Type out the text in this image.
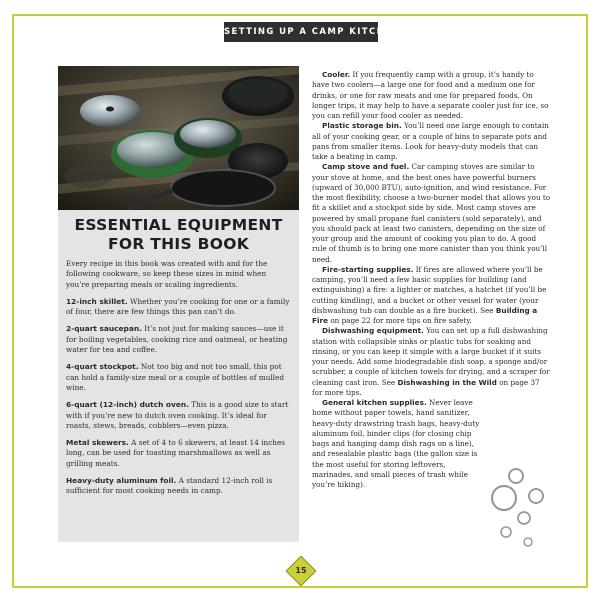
SETTING UP A CAMP KITCHEN
ESSENTIAL EQUIPMENT
FOR THIS BOOK

Every recipe in this book was created with and for the following cookware, so keep these sizes in mind when you’re preparing meals or scaling ingredients.

12-inch skillet. Whether you’re cooking for one or a family of four, there are few things this pan can’t do.

2-quart saucepan. It’s not just for making sauces—use it for boiling vegetables, cooking rice and oatmeal, or heating water for tea and coffee.

4-quart stockpot. Not too big and not too small, this pot can hold a family-size meal or a couple of bottles of mulled wine.

6-quart (12-inch) dutch oven. This is a good size to start with if you’re new to dutch oven cooking. It’s ideal for roasts, stews, breads, cobblers—even pizza.

Metal skewers. A set of 4 to 6 skewers, at least 14 inches long, can be used for toasting marshmallows as well as grilling meats.

Heavy-duty aluminum foil. A standard 12-inch roll is sufficient for most cooking needs in camp.

Cooler. If you frequently camp with a group, it’s handy to have two coolers—a large one for food and a medium one for drinks, or one for raw meats and one for prepared foods. On longer trips, it may help to have a separate cooler just for ice, so you can refill your food cooler as needed.

Plastic storage bin. You’ll need one large enough to contain all of your cooking gear, or a couple of bins to separate pots and pans from smaller items. Look for heavy-duty models that can take a beating in camp.

Camp stove and fuel. Car camping stoves are similar to your stove at home, and the best ones have powerful burners (upward of 30,000 BTU), auto-ignition, and wind resistance. For the most flexibility, choose a two-burner model that allows you to fit a skillet and a stockpot side by side. Most camp stoves are powered by small propane fuel canisters (sold separately), and you should pack at least two canisters, depending on the size of your group and the amount of cooking you plan to do. A good rule of thumb is to bring one more canister than you think you’ll need.

Fire-starting supplies. If fires are allowed where you’ll be camping, you’ll need a few basic supplies for building (and extinguishing) a fire: a lighter or matches, a hatchet (if you’ll be cutting kindling), and a bucket or other vessel for water (your dishwashing tub can double as a fire bucket). See Building a Fire on page 22 for more tips on fire safety.

Dishwashing equipment. You can set up a full dishwashing station with collapsible sinks or plastic tubs for soaking and rinsing, or you can keep it simple with a large bucket if it suits your needs. Add some biodegradable dish soap, a sponge and/or scrubber, a couple of kitchen towels for drying, and a scraper for cleaning cast iron. See Dishwashing in the Wild on page 37 for more tips.

General kitchen supplies. Never leave home without paper towels, hand sanitizer, heavy-duty drawstring trash bags, heavy-duty aluminum foil, binder clips (for closing chip bags and hanging damp dish rags on a line), and resealable plastic bags (the gallon size is the most useful for storing leftovers, marinades, and small pieces of trash while you’re hiking).

15
